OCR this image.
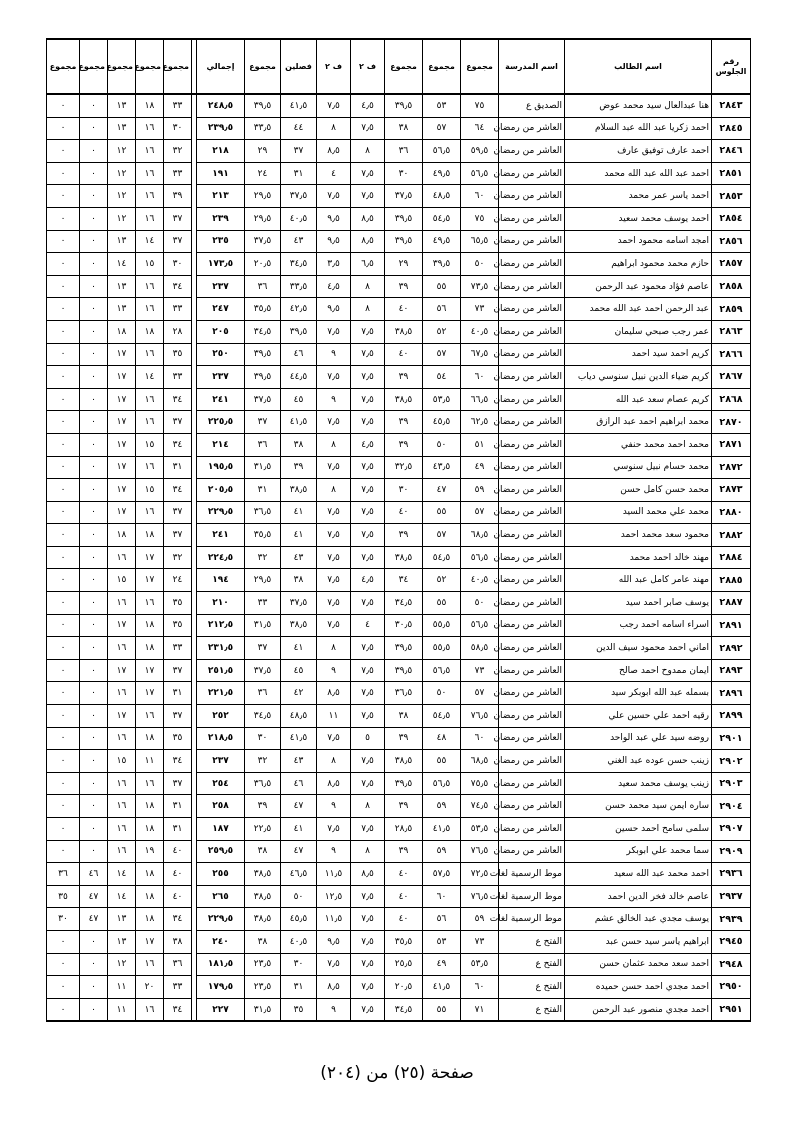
رقم الجلوس	اسم الطالب	اسم المدرسة	مجموع	مجموع	مجموع	ف ٢	ف ٢	فصلين	مجموع	إجمالي		مجموع	مجموع	مجموع	مجموع	مجموع
٢٨٤٣	هنا عبدالعال سيد محمد عوض	الصديق ع	٧٥	٥٣	٣٩٫٥	٤٫٥	٧٫٥	٤١٫٥	٣٩٫٥	٢٤٨٫٥		٣٣	١٨	١٣	٠	٠
٢٨٤٥	احمد زكريا عبد الله عبد السلام	العاشر من رمضان	٦٤	٥٧	٣٨	٧٫٥	٨	٤٤	٣٣٫٥	٢٣٩٫٥		٣٠	١٦	١٣	٠	٠
٢٨٤٦	احمد عارف توفيق عارف	العاشر من رمضان	٥٩٫٥	٥٦٫٥	٣٦	٨	٨٫٥	٣٧	٢٩	٢١٨		٣٢	١٦	١٢	٠	٠
٢٨٥١	احمد عبد الله عبد الله محمد	العاشر من رمضان	٥٦٫٥	٤٩٫٥	٣٠	٧٫٥	٤	٣١	٢٤	١٩١		٣٣	١٦	١٢	٠	٠
٢٨٥٣	احمد ياسر عمر محمد	العاشر من رمضان	٦٠	٤٨٫٥	٣٧٫٥	٧٫٥	٧٫٥	٣٧٫٥	٢٩٫٥	٢١٣		٣٩	١٦	١٢	٠	٠
٢٨٥٤	احمد يوسف محمد سعيد	العاشر من رمضان	٧٥	٥٤٫٥	٣٩٫٥	٨٫٥	٩٫٥	٤٠٫٥	٢٩٫٥	٢٣٩		٣٧	١٦	١٢	٠	٠
٢٨٥٦	امجد اسامه محمود احمد	العاشر من رمضان	٦٥٫٥	٤٩٫٥	٣٩٫٥	٨٫٥	٩٫٥	٤٣	٣٧٫٥	٢٣٥		٣٧	١٤	١٣	٠	٠
٢٨٥٧	حازم محمد محمود ابراهيم	العاشر من رمضان	٥٠	٣٩٫٥	٢٩	٦٫٥	٣٫٥	٣٤٫٥	٢٠٫٥	١٧٣٫٥		٣٠	١٥	١٤	٠	٠
٢٨٥٨	عاصم فؤاد محمود عبد الرحمن	العاشر من رمضان	٧٣٫٥	٥٥	٣٩	٨	٤٫٥	٣٣٫٥	٣٦	٢٣٧		٣٤	١٦	١٣	٠	٠
٢٨٥٩	عبد الرحمن احمد عبد الله محمد	العاشر من رمضان	٧٣	٥٦	٤٠	٨	٩٫٥	٤٢٫٥	٣٥٫٥	٢٤٧		٣٣	١٦	١٣	٠	٠
٢٨٦٣	عمر رجب صبحي سليمان	العاشر من رمضان	٤٠٫٥	٥٢	٣٨٫٥	٧٫٥	٧٫٥	٣٩٫٥	٣٤٫٥	٢٠٥		٢٨	١٨	١٨	٠	٠
٢٨٦٦	كريم احمد سيد احمد	العاشر من رمضان	٦٧٫٥	٥٧	٤٠	٧٫٥	٩	٤٦	٣٩٫٥	٢٥٠		٣٥	١٦	١٧	٠	٠
٢٨٦٧	كريم ضياء الدين نبيل سنوسي دياب	العاشر من رمضان	٦٠	٥٤	٣٩	٧٫٥	٧٫٥	٤٤٫٥	٣٩٫٥	٢٣٧		٣٣	١٤	١٧	٠	٠
٢٨٦٨	كريم عصام سعد عبد الله	العاشر من رمضان	٦٦٫٥	٥٣٫٥	٣٨٫٥	٧٫٥	٩	٤٥	٣٧٫٥	٢٤١		٣٤	١٦	١٧	٠	٠
٢٨٧٠	محمد ابراهيم احمد عبد الرازق	العاشر من رمضان	٦٢٫٥	٤٥٫٥	٣٩	٧٫٥	٧٫٥	٤١٫٥	٣٧	٢٢٥٫٥		٣٧	١٦	١٧	٠	٠
٢٨٧١	محمد احمد محمد حنفي	العاشر من رمضان	٥١	٥٠	٣٩	٤٫٥	٨	٣٨	٣٦	٢١٤		٣٤	١٥	١٧	٠	٠
٢٨٧٢	محمد حسام نبيل سنوسي	العاشر من رمضان	٤٩	٤٣٫٥	٣٢٫٥	٧٫٥	٧٫٥	٣٩	٣١٫٥	١٩٥٫٥		٣١	١٦	١٧	٠	٠
٢٨٧٣	محمد حسن كامل حسن	العاشر من رمضان	٥٩	٤٧	٣٠	٧٫٥	٨	٣٨٫٥	٣١	٢٠٥٫٥		٣٤	١٥	١٧	٠	٠
٢٨٨٠	محمد علي محمد السيد	العاشر من رمضان	٥٧	٥٥	٤٠	٧٫٥	٧٫٥	٤١	٣٦٫٥	٢٢٩٫٥		٣٧	١٦	١٧	٠	٠
٢٨٨٢	محمود سعد محمد احمد	العاشر من رمضان	٦٨٫٥	٥٧	٣٩	٧٫٥	٧٫٥	٤١	٣٥٫٥	٢٤١		٣٧	١٨	١٨	٠	٠
٢٨٨٤	مهند خالد احمد محمد	العاشر من رمضان	٥٦٫٥	٥٤٫٥	٣٨٫٥	٧٫٥	٧٫٥	٤٣	٣٢	٢٢٤٫٥		٣٢	١٧	١٦	٠	٠
٢٨٨٥	مهند عامر كامل عبد الله	العاشر من رمضان	٤٠٫٥	٥٢	٣٤	٤٫٥	٧٫٥	٣٨	٢٩٫٥	١٩٤		٢٤	١٧	١٥	٠	٠
٢٨٨٧	يوسف صابر احمد سيد	العاشر من رمضان	٥٠	٥٥	٣٤٫٥	٧٫٥	٧٫٥	٣٧٫٥	٣٣	٢١٠		٣٥	١٦	١٦	٠	٠
٢٨٩١	اسراء اسامه احمد رجب	العاشر من رمضان	٥٦٫٥	٥٥٫٥	٣٠٫٥	٤	٧٫٥	٣٨٫٥	٣١٫٥	٢١٢٫٥		٣٥	١٨	١٧	٠	٠
٢٨٩٢	اماني احمد محمود سيف الدين	العاشر من رمضان	٥٨٫٥	٥٥٫٥	٣٩٫٥	٧٫٥	٨	٤١	٣٧	٢٣١٫٥		٣٣	١٨	١٦	٠	٠
٢٨٩٣	ايمان ممدوح احمد صالح	العاشر من رمضان	٧٣	٥٦٫٥	٣٩٫٥	٧٫٥	٩	٤٥	٣٧٫٥	٢٥١٫٥		٣٧	١٧	١٧	٠	٠
٢٨٩٦	بسمله عبد الله ابوبكر سيد	العاشر من رمضان	٥٧	٥٠	٣٦٫٥	٧٫٥	٨٫٥	٤٢	٣٦	٢٢١٫٥		٣١	١٧	١٦	٠	٠
٢٨٩٩	رقيه احمد علي حسين علي	العاشر من رمضان	٧٦٫٥	٥٤٫٥	٣٨	٧٫٥	١١	٤٨٫٥	٣٤٫٥	٢٥٢		٣٧	١٦	١٧	٠	٠
٢٩٠١	روضه سيد علي عبد الواحد	العاشر من رمضان	٦٠	٤٨	٣٩	٥	٧٫٥	٤١٫٥	٣٠	٢١٨٫٥		٣٥	١٨	١٦	٠	٠
٢٩٠٢	زينب حسن عوده عبد الغني	العاشر من رمضان	٦٨٫٥	٥٥	٣٨٫٥	٧٫٥	٨	٤٣	٣٢	٢٣٧		٣٤	١١	١٥	٠	٠
٢٩٠٣	زينب يوسف محمد سعيد	العاشر من رمضان	٧٥٫٥	٥٦٫٥	٣٩٫٥	٧٫٥	٨٫٥	٤٦	٣٦٫٥	٢٥٤		٣٧	١٦	١٦	٠	٠
٢٩٠٤	ساره ايمن سيد محمد حسن	العاشر من رمضان	٧٤٫٥	٥٩	٣٩	٨	٩	٤٧	٣٩	٢٥٨		٣١	١٨	١٦	٠	٠
٢٩٠٧	سلمى سامح احمد حسين	العاشر من رمضان	٥٣٫٥	٤١٫٥	٢٨٫٥	٧٫٥	٧٫٥	٤١	٢٢٫٥	١٨٧		٣١	١٨	١٦	٠	٠
٢٩٠٩	سما محمد علي ابوبكر	العاشر من رمضان	٧٦٫٥	٥٩	٣٩	٨	٩	٤٧	٣٨	٢٥٩٫٥		٤٠	١٩	١٦	٠	٠
٢٩٣٦	احمد محمد عبد الله سعيد	موط الرسمية لغات	٧٢٫٥	٥٧٫٥	٤٠	٨٫٥	١١٫٥	٤٦٫٥	٣٨٫٥	٢٥٥		٤٠	١٨	١٤	٤٦	٣٦
٢٩٣٧	عاصم خالد فخر الدين احمد	موط الرسمية لغات	٧٦٫٥	٦٠	٤٠	٧٫٥	١٢٫٥	٥٠	٣٨٫٥	٢٦٥		٤٠	١٨	١٤	٤٧	٣٥
٢٩٣٩	يوسف مجدي عبد الخالق عشم	موط الرسمية لغات	٥٩	٥٦	٤٠	٧٫٥	١١٫٥	٤٥٫٥	٣٨٫٥	٢٢٩٫٥		٣٤	١٨	١٣	٤٧	٣٠
٢٩٤٥	ابراهيم ياسر سيد حسن عبد	الفتح ع	٧٣	٥٣	٣٥٫٥	٧٫٥	٩٫٥	٤٠٫٥	٣٨	٢٤٠		٣٨	١٧	١٣	٠	٠
٢٩٤٨	احمد سعد محمد عثمان حسن	الفتح ع	٥٣٫٥	٤٩	٢٥٫٥	٧٫٥	٧٫٥	٣٠	٢٣٫٥	١٨١٫٥		٣٦	١٦	١٢	٠	٠
٢٩٥٠	احمد مجدي احمد حسن حميده	الفتح ع	٦٠	٤١٫٥	٢٠٫٥	٧٫٥	٨٫٥	٣١	٢٣٫٥	١٧٩٫٥		٣٣	٢٠	١١	٠	٠
٢٩٥١	احمد مجدي منصور عبد الرحمن	الفتح ع	٧١	٥٥	٣٤٫٥	٧٫٥	٩	٣٥	٣١٫٥	٢٢٧		٣٤	١٦	١١	٠	٠
صفحة (٢٥) من (٢٠٤)
